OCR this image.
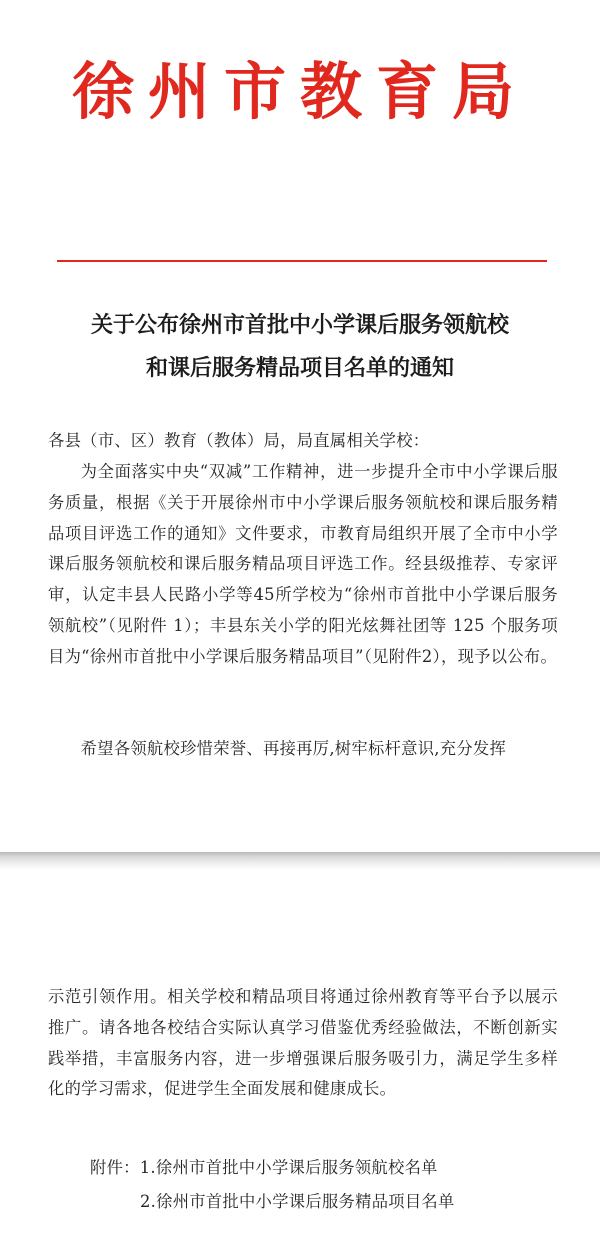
徐州市教育局
关于公布徐州市首批中小学课后服务领航校
和课后服务精品项目名单的通知

各县（市、区）教育（教体）局，局直属相关学校：

为全面落实中央“双减”工作精神，进一步提升全市中小学课后服务质量，根据《关于开展徐州市中小学课后服务领航校和课后服务精品项目评选工作的通知》文件要求，市教育局组织开展了全市中小学课后服务领航校和课后服务精品项目评选工作。经县级推荐、专家评审，认定丰县人民路小学等45所学校为“徐州市首批中小学课后服务领航校”（见附件 1）；丰县东关小学的阳光炫舞社团等 125 个服务项目为“徐州市首批中小学课后服务精品项目”（见附件2），现予以公布。

希望各领航校珍惜荣誉、再接再厉,树牢标杆意识,充分发挥

示范引领作用。相关学校和精品项目将通过徐州教育等平台予以展示推广。请各地各校结合实际认真学习借鉴优秀经验做法，不断创新实践举措，丰富服务内容，进一步增强课后服务吸引力，满足学生多样化的学习需求，促进学生全面发展和健康成长。

附件：1.徐州市首批中小学课后服务领航校名单
2.徐州市首批中小学课后服务精品项目名单
